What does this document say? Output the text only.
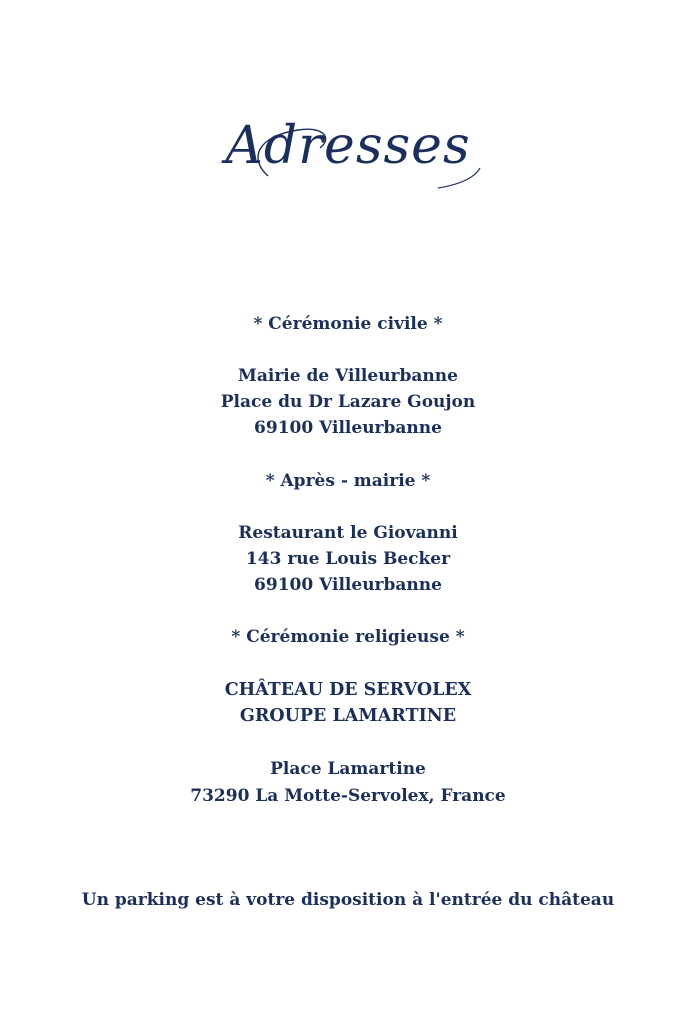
Adresses
* Cérémonie civile *
Mairie de Villeurbanne
Place du Dr Lazare Goujon
69100 Villeurbanne
* Après - mairie *
Restaurant le Giovanni
143 rue Louis Becker
69100 Villeurbanne
* Cérémonie religieuse *
CHÂTEAU DE SERVOLEX
GROUPE LAMARTINE
Place Lamartine
73290 La Motte-Servolex, France
Un parking est à votre disposition à l'entrée du château
